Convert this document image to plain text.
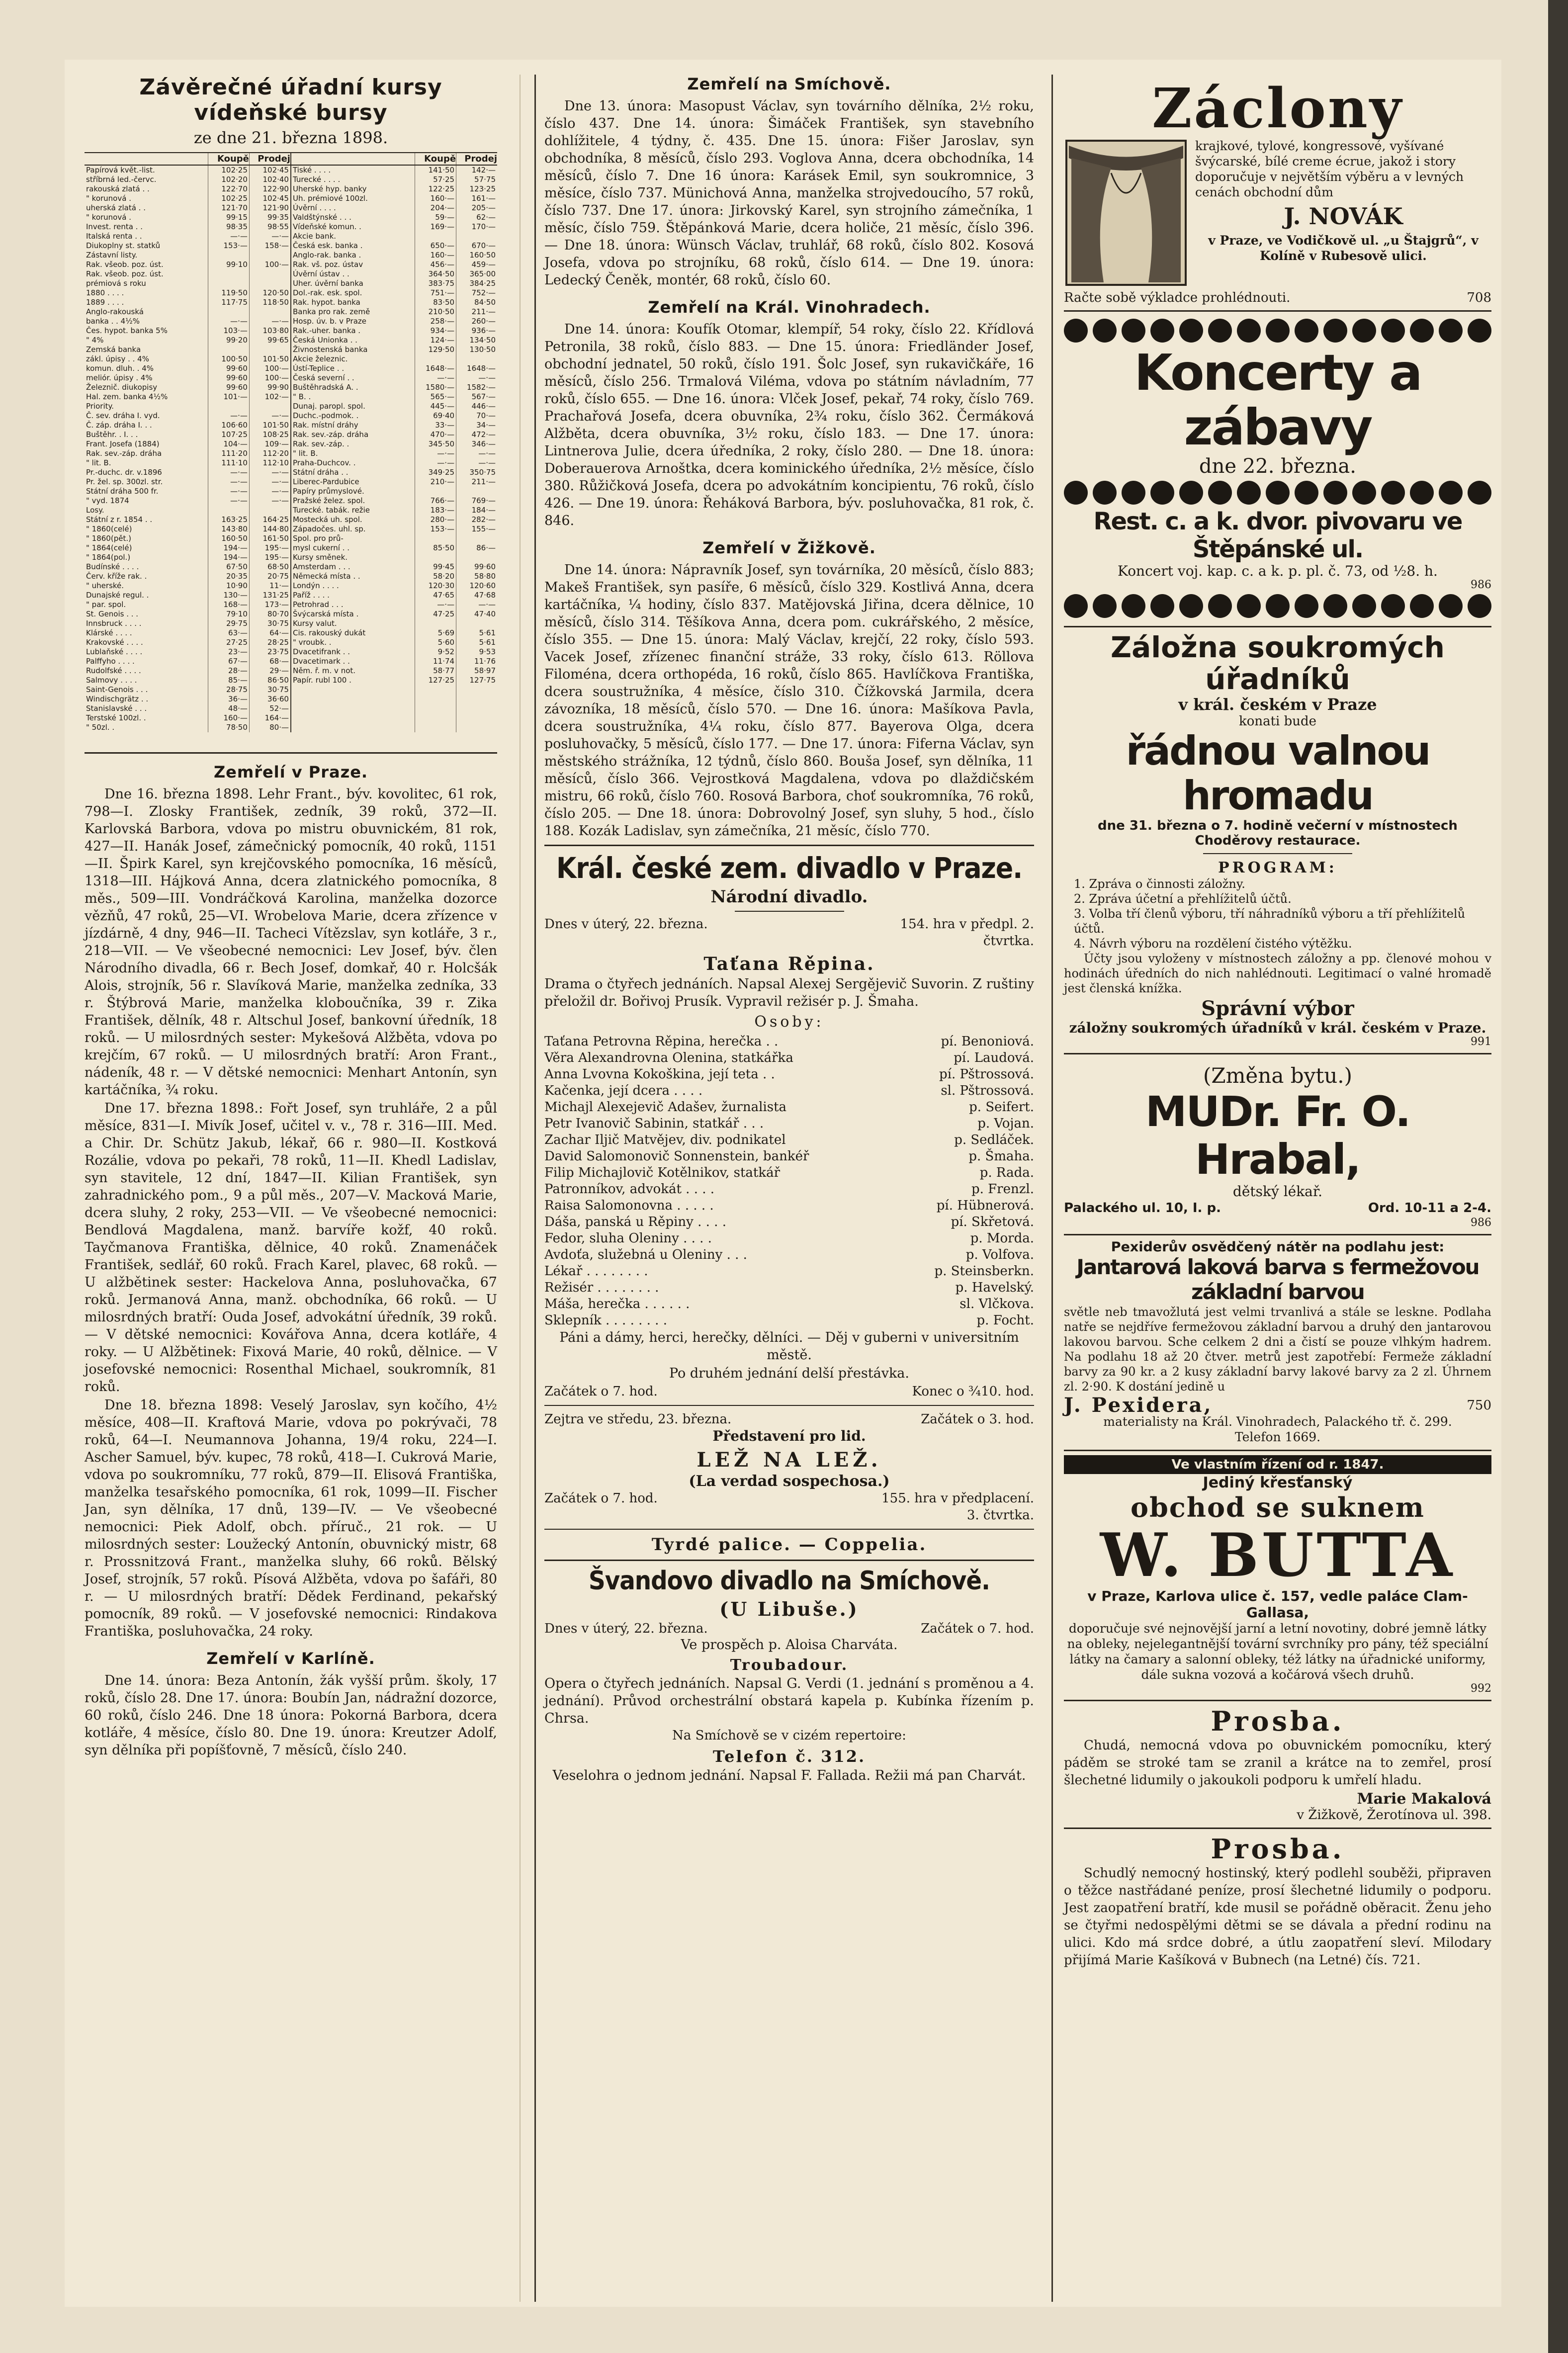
Závěrečné úřadní kursy vídeňské bursy
ze dne 21. března 1898.
	Koupě	Prodej		Koupě	Prodej
Papírová květ.-list.	102·25	102·45	Tiské . . . .	141·50	142·—
stříbrná led.-červc.	102·20	102·40	Turecké . . . .	57·25	57·75
rakouská zlatá . .	122·70	122·90	Uherské hyp. banky	122·25	123·25
" korunová .	102·25	102·45	Uh. prémiové 100zl.	160·—	161·—
uherská zlatá . .	121·70	121·90	Úvěrní . . . .	204·—	205·—
" korunová .	99·15	99·35	Valdštýnské . . .	59·—	62·—
Invest. renta . .	98·35	98·55	Vídeňské komun. .	169·—	170·—
Italská renta . .	—·—	—·—	Akcie bank.		
Diukoplny st. statků	153·—	158·—	Česká esk. banka .	650·—	670·—
Zástavní listy.			Anglo-rak. banka .	160·—	160·50
Rak. všeob. poz. úst.	99·10	100·—	Rak. vš. poz. ústav	456·—	459·—
Rak. všeob. poz. úst.			Úvěrní ústav . .	364·50	365·00
prémiová s roku			Uher. úvěrní banka	383·75	384·25
1880 . . . .	119·50	120·50	Dol.-rak. esk. spol.	751·—	752·—
1889 . . . .	117·75	118·50	Rak. hypot. banka	83·50	84·50
Anglo-rakouská			Banka pro rak. země	210·50	211·—
banka . . 4½%	—·—	—·—	Hosp. úv. b. v Praze	258·—	260·—
Čes. hypot. banka 5%	103·—	103·80	Rak.-uher. banka .	934·—	936·—
" 4%	99·20	99·65	Česká Unionka . .	124·—	134·50
Zemská banka			Živnostenská banka	129·50	130·50
zákl. úpisy . . 4%	100·50	101·50	Akcie železnic.		
komun. dluh. . 4%	99·60	100·—	Ústí-Teplice . .	1648·—	1648·—
meliór. úpisy . 4%	99·60	100·—	Česká severní . .	—·—	—·—
Železnič. diukopisy	99·60	99·90	Buštěhradská A. .	1580·—	1582·—
Hal. zem. banka 4½%	101·—	102·—	" B. .	565·—	567·—
Priority.			Dunaj. paropl. spol.	445·—	446·—
Č. sev. dráha I. vyd.	—·—	—·—	Duchc.-podmok. .	69·40	70·—
Č. záp. dráha I. . .	106·60	101·50	Rak. místní dráhy	33·—	34·—
Buštěhr. . I. . .	107·25	108·25	Rak. sev.-záp. dráha	470·—	472·—
Frant. Josefa (1884)	104·—	109·—	Rak. sev.-záp. .	345·50	346·—
Rak. sev.-záp. dráha	111·20	112·20	" lit. B.	—·—	—·—
" lit. B.	111·10	112·10	Praha-Duchcov. .	—·—	—·—
Pr.-duchc. dr. v.1896	—·—	—·—	Státní dráha . .	349·25	350·75
Pr. žel. sp. 300zl. str.	—·—	—·—	Liberec-Pardubice	210·—	211·—
Státní dráha 500 fr.	—·—	—·—	Papíry průmyslové.		
" vyd. 1874	—·—	—·—	Pražské želez. spol.	766·—	769·—
Losy.			Turecké. tabák. režie	183·—	184·—
Státní z r. 1854 . .	163·25	164·25	Mostecká uh. spol.	280·—	282·—
" 1860(celé)	143·80	144·80	Západočes. uhl. sp.	153·—	155·—
" 1860(pět.)	160·50	161·50	Spol. pro prů-		
" 1864(celé)	194·—	195·—	mysl cukerní . .	85·50	86·—
" 1864(pol.)	194·—	195·—	Kursy směnek.		
Budínské . . . .	67·50	68·50	Amsterdam . . .	99·45	99·60
Červ. kříže rak. .	20·35	20·75	Německá místa . .	58·20	58·80
" uherské.	10·90	11·—	Londýn . . . .	120·30	120·60
Dunajské regul. .	130·—	131·25	Paříž . . . .	47·65	47·68
" par. spol.	168·—	173·—	Petrohrad . . .	—·—	—·—
St. Genois . . .	79·10	80·70	Švýcarská místa .	47·25	47·40
Innsbruck . . . .	29·75	30·75	Kursy valut.		
Klárské . . . .	63·—	64·—	Cis. rakouský dukát	5·69	5·61
Krakovské . . . .	27·25	28·25	" vroubk. .	5·60	5·61
Lublaňské . . . .	23·—	23·75	Dvacetifrank . .	9·52	9·53
Palffyho . . . .	67·—	68·—	Dvacetimark . .	11·74	11·76
Rudolfské . . . .	28·—	29·—	Něm. ř. m. v not.	58·77	58·97
Salmovy . . . .	85·—	86·50	Papír. rubl 100 .	127·25	127·75
Saint-Genois . . .	28·75	30·75			
Windischgrätz . .	36·—	36·60			
Stanislavské . . .	48·—	52·—			
Terstské 100zl. .	160·—	164·—			
" 50zl. .	78·50	80·—			
Zemřelí v Praze.

Dne 16. března 1898. Lehr Frant., býv. kovolitec, 61 rok, 798—I. Zlosky František, zedník, 39 roků, 372—II. Karlovská Barbora, vdova po mistru obuvnickém, 81 rok, 427—II. Hanák Josef, zámečnický pomocník, 40 roků, 1151—II. Špirk Karel, syn krejčovského pomocníka, 16 měsíců, 1318—III. Hájková Anna, dcera zlatnického pomocníka, 8 měs., 509—III. Vondráčková Karolina, manželka dozorce vězňů, 47 roků, 25—VI. Wrobelova Marie, dcera zřízence v jízdárně, 4 dny, 946—II. Tacheci Vítězslav, syn kotláře, 3 r., 218—VII. — Ve všeobecné nemocnici: Lev Josef, býv. člen Národního divadla, 66 r. Bech Josef, domkař, 40 r. Holcšák Alois, strojník, 56 r. Slavíková Marie, manželka zedníka, 33 r. Štýbrová Marie, manželka kloboučníka, 39 r. Zika František, dělník, 48 r. Altschul Josef, bankovní úředník, 18 roků. — U milosrdných sester: Mykešová Alžběta, vdova po krejčím, 67 roků. — U milosrdných bratří: Aron Frant., nádeník, 48 r. — V dětské nemocnici: Menhart Antonín, syn kartáčníka, ¾ roku.

Dne 17. března 1898.: Fořt Josef, syn truhláře, 2 a půl měsíce, 831—I. Mivík Josef, učitel v. v., 78 r. 316—III. Med. a Chir. Dr. Schütz Jakub, lékař, 66 r. 980—II. Kostková Rozálie, vdova po pekaři, 78 roků, 11—II. Khedl Ladislav, syn stavitele, 12 dní, 1847—II. Kilian František, syn zahradnického pom., 9 a půl měs., 207—V. Macková Marie, dcera sluhy, 2 roky, 253—VII. — Ve všeobecné nemocnici: Bendlová Magdalena, manž. barvíře kožf, 40 roků. Tayčmanova Františka, dělnice, 40 roků. Znamenáček František, sedlář, 60 roků. Frach Karel, plavec, 68 roků. — U alžbětinek sester: Hackelova Anna, posluhovačka, 67 roků. Jermanová Anna, manž. obchodníka, 66 roků. — U milosrdných bratří: Ouda Josef, advokátní úředník, 39 roků. — V dětské nemocnici: Kovářova Anna, dcera kotláře, 4 roky. — U Alžbětinek: Fixová Marie, 40 roků, dělnice. — V josefovské nemocnici: Rosenthal Michael, soukromník, 81 roků.

Dne 18. března 1898: Veselý Jaroslav, syn kočího, 4½ měsíce, 408—II. Kraftová Marie, vdova po pokrývači, 78 roků, 64—I. Neumannova Johanna, 19/4 roku, 224—I. Ascher Samuel, býv. kupec, 78 roků, 418—I. Cukrová Marie, vdova po soukromníku, 77 roků, 879—II. Elisová Františka, manželka tesařského pomocníka, 61 rok, 1099—II. Fischer Jan, syn dělníka, 17 dnů, 139—IV. — Ve všeobecné nemocnici: Piek Adolf, obch. příruč., 21 rok. — U milosrdných sester: Loužecký Antonín, obuvnický mistr, 68 r. Prossnitzová Frant., manželka sluhy, 66 roků. Bělský Josef, strojník, 57 roků. Písová Alžběta, vdova po šafáři, 80 r. — U milosrdných bratří: Dědek Ferdinand, pekařský pomocník, 89 roků. — V josefovské nemocnici: Rindakova Františka, posluhovačka, 24 roky.

Zemřelí v Karlíně.

Dne 14. února: Beza Antonín, žák vyšší prům. školy, 17 roků, číslo 28. Dne 17. února: Boubín Jan, nádražní dozorce, 60 roků, číslo 246. Dne 18 února: Pokorná Barbora, dcera kotláře, 4 měsíce, číslo 80. Dne 19. února: Kreutzer Adolf, syn dělníka při popíšťovně, 7 měsíců, číslo 240.

Zemřelí na Smíchově.

Dne 13. února: Masopust Václav, syn továrního dělníka, 2½ roku, číslo 437. Dne 14. února: Šimáček František, syn stavebního dohlížitele, 4 týdny, č. 435. Dne 15. února: Fišer Jaroslav, syn obchodníka, 8 měsíců, číslo 293. Voglova Anna, dcera obchodníka, 14 měsíců, číslo 7. Dne 16 února: Karásek Emil, syn soukromnice, 3 měsíce, číslo 737. Münichová Anna, manželka strojvedoucího, 57 roků, číslo 737. Dne 17. února: Jirkovský Karel, syn strojního zámečníka, 1 měsíc, číslo 759. Štěpánková Marie, dcera holiče, 21 měsíc, číslo 396. — Dne 18. února: Wünsch Václav, truhlář, 68 roků, číslo 802. Kosová Josefa, vdova po strojníku, 68 roků, číslo 614. — Dne 19. února: Ledecký Čeněk, montér, 68 roků, číslo 60.

Zemřelí na Král. Vinohradech.

Dne 14. února: Koufík Otomar, klempíř, 54 roky, číslo 22. Křídlová Petronila, 38 roků, číslo 883. — Dne 15. února: Friedländer Josef, obchodní jednatel, 50 roků, číslo 191. Šolc Josef, syn rukavičkáře, 16 měsíců, číslo 256. Trmalová Viléma, vdova po státním návladním, 77 roků, číslo 655. — Dne 16. února: Vlček Josef, pekař, 74 roky, číslo 769. Prachařová Josefa, dcera obuvníka, 2¾ roku, číslo 362. Čermáková Alžběta, dcera obuvníka, 3½ roku, číslo 183. — Dne 17. února: Lintnerova Julie, dcera úředníka, 2 roky, číslo 280. — Dne 18. února: Doberauerova Arnoštka, dcera kominického úředníka, 2½ měsíce, číslo 380. Růžičková Josefa, dcera po advokátním koncipientu, 76 roků, číslo 426. — Dne 19. února: Řeháková Barbora, býv. posluhovačka, 81 rok, č. 846.

Zemřelí v Žižkově.

Dne 14. února: Nápravník Josef, syn továrníka, 20 měsíců, číslo 883; Makeš František, syn pasíře, 6 měsíců, číslo 329. Kostlivá Anna, dcera kartáčníka, ¼ hodiny, číslo 837. Matějovská Jiřina, dcera dělnice, 10 měsíců, číslo 314. Těšíkova Anna, dcera pom. cukrářského, 2 měsíce, číslo 355. — Dne 15. února: Malý Václav, krejčí, 22 roky, číslo 593. Vacek Josef, zřízenec finanční stráže, 33 roky, číslo 613. Röllova Filoména, dcera orthopéda, 16 roků, číslo 865. Havlíčkova Františka, dcera soustružníka, 4 měsíce, číslo 310. Čížkovská Jarmila, dcera závozníka, 18 měsíců, číslo 570. — Dne 16. února: Mašíkova Pavla, dcera soustružníka, 4¼ roku, číslo 877. Bayerova Olga, dcera posluhovačky, 5 měsíců, číslo 177. — Dne 17. února: Fiferna Václav, syn městského strážníka, 12 týdnů, číslo 860. Bouša Josef, syn dělníka, 11 měsíců, číslo 366. Vejrostková Magdalena, vdova po dlaždičském mistru, 66 roků, číslo 760. Rosová Barbora, choť soukromníka, 76 roků, číslo 205. — Dne 18. února: Dobrovolný Josef, syn sluhy, 5 hod., číslo 188. Kozák Ladislav, syn zámečníka, 21 měsíc, číslo 770.

Král. české zem. divadlo v Praze.
Národní divadlo.
Dnes v úterý, 22. března.	154. hra v předpl. 2. čtvrtka.
Taťana Rěpina.

Drama o čtyřech jednáních. Napsal Alexej Sergějevič Suvorin. Z ruštiny přeložil dr. Bořivoj Prusík. Vypravil režisér p. J. Šmaha.

Osoby:
Taťana Petrovna Rěpina, herečka . .	pí. Benoniová.
Věra Alexandrovna Olenina, statkářka	pí. Laudová.
Anna Lvovna Kokoškina, její teta . .	pí. Pštrossová.
Kačenka, její dcera . . . .	sl. Pštrossová.
Michajl Alexejevič Adašev, žurnalista	p. Seifert.
Petr Ivanovič Sabinin, statkář . . .	p. Vojan.
Zachar Iljič Matvějev, div. podnikatel	p. Sedláček.
David Salomonovič Sonnenstein, bankéř	p. Šmaha.
Filip Michajlovič Kotělnikov, statkář	p. Rada.
Patronníkov, advokát . . . .	p. Frenzl.
Raisa Salomonovna . . . . .	pí. Hübnerová.
Dáša, panská u Rěpiny . . . .	pí. Skřetová.
Fedor, sluha Oleniny . . . .	p. Morda.
Avdoťa, služebná u Oleniny . . .	p. Volfova.
Lékař . . . . . . . .	p. Steinsberkn.
Režisér . . . . . . . .	p. Havelský.
Máša, herečka . . . . . .	sl. Vlčkova.
Sklepník . . . . . . . .	p. Focht.

Páni a dámy, herci, herečky, dělníci. — Děj v guberni v universitním městě.

Po druhém jednání delší přestávka.

Začátek o 7. hod.	Konec o ¾10. hod.
Zejtra ve středu, 23. března.	Začátek o 3. hod.
Představení pro lid.
LEŽ NA LEŽ.
(La verdad sospechosa.)
Začátek o 7. hod.	155. hra v předplacení. 3. čtvrtka.
Tyrdé palice. — Coppelia.
Švandovo divadlo na Smíchově.
(U Libuše.)
Dnes v úterý, 22. března.	Začátek o 7. hod.
Ve prospěch p. Aloisa Charváta.
Troubadour.

Opera o čtyřech jednáních. Napsal G. Verdi (1. jednání s proměnou a 4. jednání). Průvod orchestrální obstará kapela p. Kubínka řízením p. Chrsa.

Na Smíchově se v cizém repertoire:
Telefon č. 312.

Veselohra o jednom jednání. Napsal F. Fallada. Režii má pan Charvát.

Záclony
krajkové, tylové, kongressové, vyšívané švýcarské, bílé creme écrue, jakož i story doporučuje v největším výběru a v levných cenách obchodní dům
J. NOVÁK
v Praze, ve Vodičkově ul. „u Štajgrů“, v Kolíně v Rubesově ulici.
Račte sobě výkladce prohlédnouti.	708
Koncerty a zábavy
dne 22. března.
Rest. c. a k. dvor. pivovaru ve Štěpánské ul.
Koncert voj. kap. c. a k. p. pl. č. 73, od ½8. h.
986
Záložna soukromých úřadníků
v král. českém v Praze
konati bude
řádnou valnou hromadu
dne 31. března o 7. hodině večerní v místnostech Choděrovy restaurace.
PROGRAM:
1. Zpráva o činnosti záložny.
2. Zpráva účetní a přehlížitelů účtů.
3. Volba tří členů výboru, tří náhradníků výboru a tří přehlížitelů účtů.
4. Návrh výboru na rozdělení čistého výtěžku.

Účty jsou vyloženy v místnostech záložny a pp. členové mohou v hodinách úředních do nich nahlédnouti. Legitimací o valné hromadě jest členská knížka.

Správní výbor
záložny soukromých úřadníků v král. českém v Praze.
991
(Změna bytu.)
MUDr. Fr. O. Hrabal,
dětský lékař.
Palackého ul. 10, I. p.	Ord. 10-11 a 2-4.
986
Pexiderův osvědčený nátěr na podlahu jest:
Jantarová laková barva s fermežovou základní barvou

světle neb tmavožlutá jest velmi trvanlivá a stále se leskne. Podlaha natře se nejdříve fermežovou základní barvou a druhý den jantarovou lakovou barvou. Sche celkem 2 dni a čistí se pouze vlhkým hadrem. Na podlahu 18 až 20 čtver. metrů jest zapotřebí: Fermeže základní barvy za 90 kr. a 2 kusy základní barvy lakové barvy za 2 zl. Úhrnem zl. 2·90. K dostání jedině u

J. Pexidera,	750
materialisty na Král. Vinohradech, Palackého tř. č. 299.
Telefon 1669.
Ve vlastním řízení od r. 1847.
Jediný křesťanský
obchod se suknem
W. BUTTA
v Praze, Karlova ulice č. 157, vedle paláce Clam-Gallasa,
doporučuje své nejnovější jarní a letní novotiny, dobré jemně látky na obleky, nejelegantnější tovární svrchníky pro pány, též speciální látky na čamary a salonní obleky, též látky na úřadnické uniformy, dále sukna vozová a kočárová všech druhů.
992
Prosba.

Chudá, nemocná vdova po obuvnickém pomocníku, který páděm se stroké tam se zranil a krátce na to zemřel, prosí šlechetné lidumily o jakoukoli podporu k umřelí hladu.

Marie Makalová
v Žižkově, Žerotínova ul. 398.
Prosba.

Schudlý nemocný hostinský, který podlehl souběži, připraven o těžce nastřádané peníze, prosí šlechetné lidumily o podporu. Jest zaopatření bratří, kde musil se pořádně oběracit. Ženu jeho se čtyřmi nedospělými dětmi se se dávala a přední rodinu na ulici. Kdo má srdce dobré, a útlu zaopatření sleví. Milodary přijímá Marie Kašíková v Bubnech (na Letné) čís. 721.
